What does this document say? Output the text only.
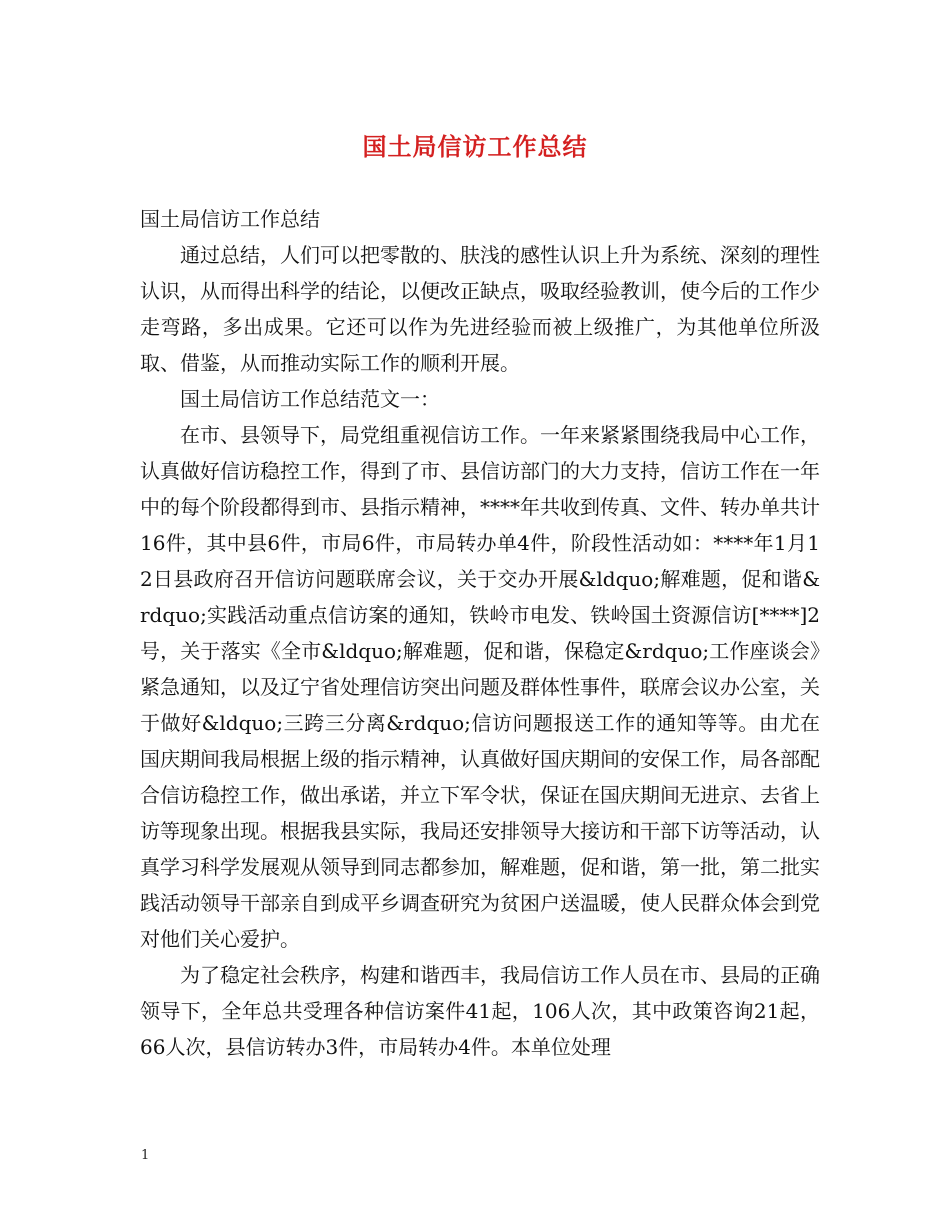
国土局信访工作总结

国土局信访工作总结

通过总结，人们可以把零散的、肤浅的感性认识上升为系统、深刻的理性认识，从而得出科学的结论，以便改正缺点，吸取经验教训，使今后的工作少走弯路，多出成果。它还可以作为先进经验而被上级推广，为其他单位所汲取、借鉴，从而推动实际工作的顺利开展。

国土局信访工作总结范文一：

在市、县领导下，局党组重视信访工作。一年来紧紧围绕我局中心工作，认真做好信访稳控工作，得到了市、县信访部门的大力支持，信访工作在一年中的每个阶段都得到市、县指示精神，****年共收到传真、文件、转办单共计16件，其中县6件，市局6件，市局转办单4件，阶段性活动如：****年1月12日县政府召开信访问题联席会议，关于交办开展&ldquo;解难题，促和谐&rdquo;实践活动重点信访案的通知，铁岭市电发、铁岭国土资源信访[****]2号，关于落实《全市&ldquo;解难题，促和谐，保稳定&rdquo;工作座谈会》紧急通知，以及辽宁省处理信访突出问题及群体性事件，联席会议办公室，关于做好&ldquo;三跨三分离&rdquo;信访问题报送工作的通知等等。由尤在国庆期间我局根据上级的指示精神，认真做好国庆期间的安保工作，局各部配合信访稳控工作，做出承诺，并立下军令状，保证在国庆期间无进京、去省上访等现象出现。根据我县实际，我局还安排领导大接访和干部下访等活动，认真学习科学发展观从领导到同志都参加，解难题，促和谐，第一批，第二批实践活动领导干部亲自到成平乡调查研究为贫困户送温暖，使人民群众体会到党对他们关心爱护。

为了稳定社会秩序，构建和谐西丰，我局信访工作人员在市、县局的正确领导下，全年总共受理各种信访案件41起，106人次，其中政策咨询21起，66人次，县信访转办3件，市局转办4件。本单位处理

1
